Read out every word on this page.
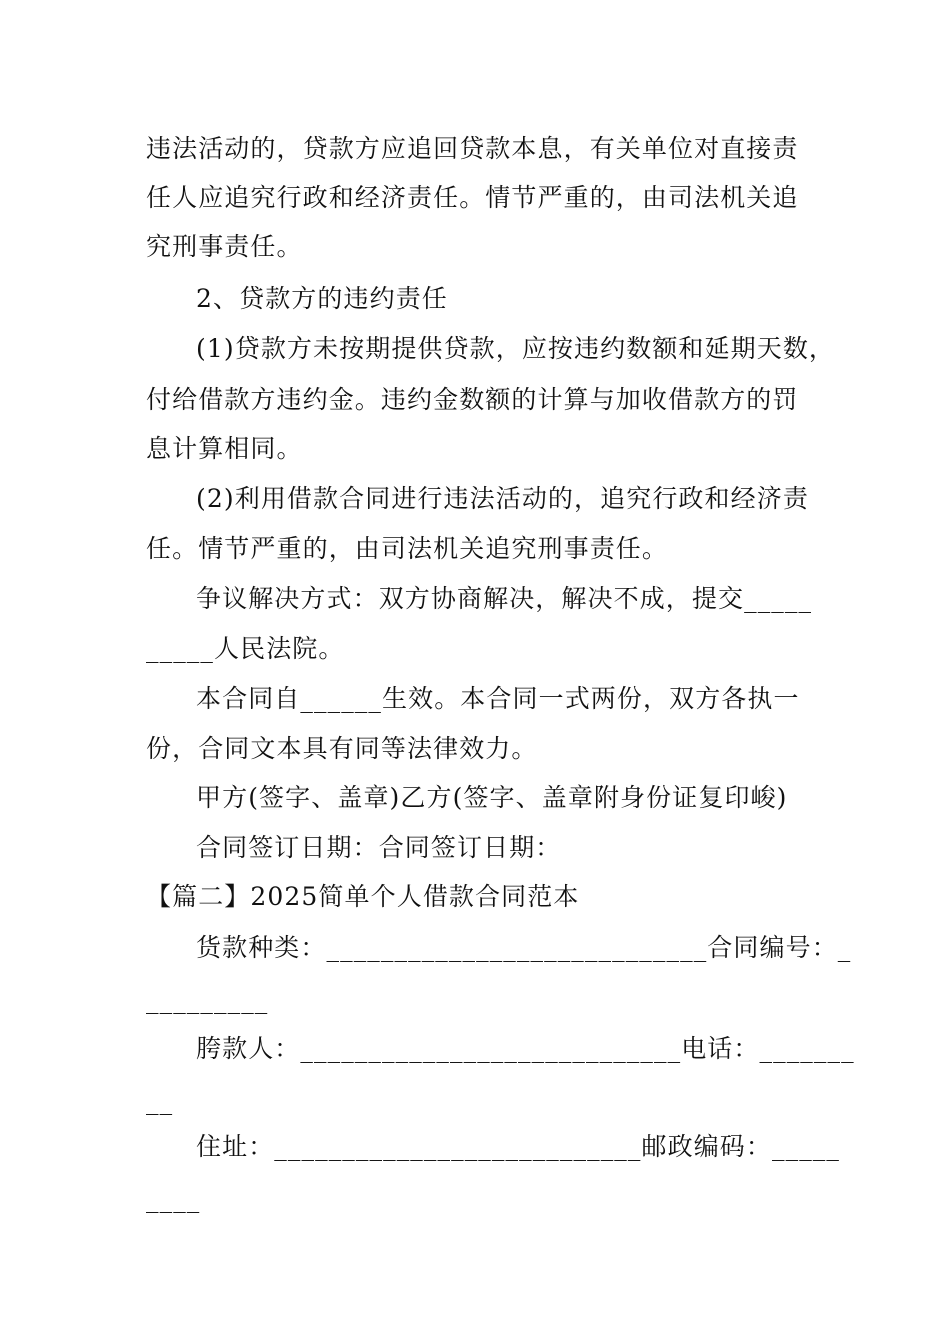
违法活动的，贷款方应追回贷款本息，有关单位对直接责
任人应追究行政和经济责任。情节严重的，由司法机关追
究刑事责任。
2、贷款方的违约责任
(1)贷款方未按期提供贷款，应按违约数额和延期天数，
付给借款方违约金。违约金数额的计算与加收借款方的罚
息计算相同。
(2)利用借款合同进行违法活动的，追究行政和经济责
任。情节严重的，由司法机关追究刑事责任。
争议解决方式：双方协商解决，解决不成，提交_____
_____人民法院。
本合同自______生效。本合同一式两份，双方各执一
份，合同文本具有同等法律效力。
甲方(签字、盖章)乙方(签字、盖章附身份证复印峻)
合同签订日期：合同签订日期：
【篇二】2025简单个人借款合同范本
货款种类：____________________________合同编号：_
_________
胯款人：____________________________电话：_______
__
住址：___________________________邮政编码：_____
____
